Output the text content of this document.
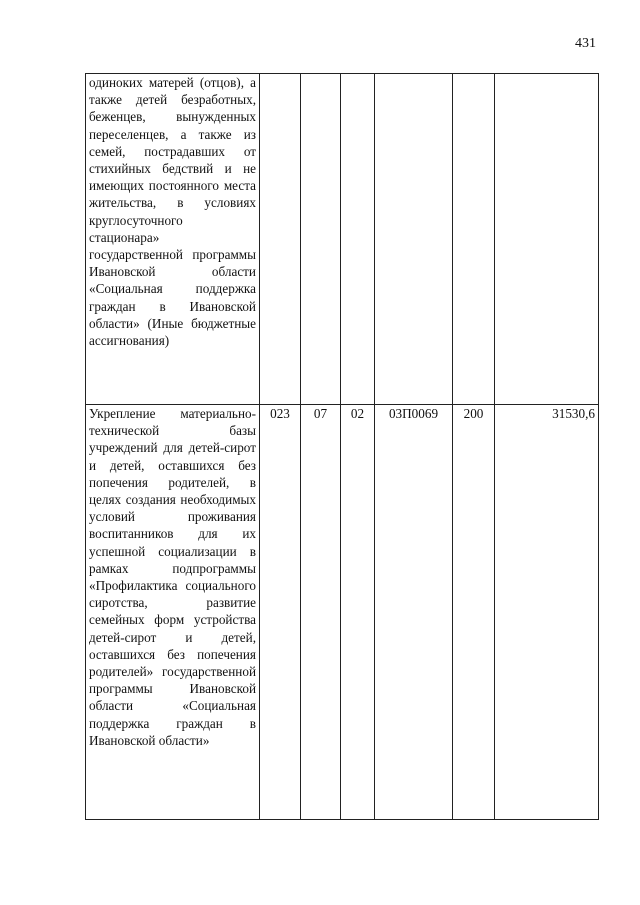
431
одиноких матерей (отцов), а также детей безработных, беженцев, вынужденных переселенцев, а также из семей, пострадавших от стихийных бедствий и не имеющих постоянного места жительства, в условиях круглосуточного стационара» государственной программы Ивановской области «Социальная поддержка граждан в Ивановской области» (Иные бюджетные ассигнования)						
Укрепление материально-технической базы учреждений для детей-сирот и детей, оставшихся без попечения родителей, в целях создания необходимых условий проживания воспитанников для их успешной социализации в рамках подпрограммы «Профилактика социального сиротства, развитие семейных форм устройства детей-сирот и детей, оставшихся без попечения родителей» государственной программы Ивановской области «Социальная поддержка граждан в Ивановской области»	023	07	02	03П0069	200	31530,6
